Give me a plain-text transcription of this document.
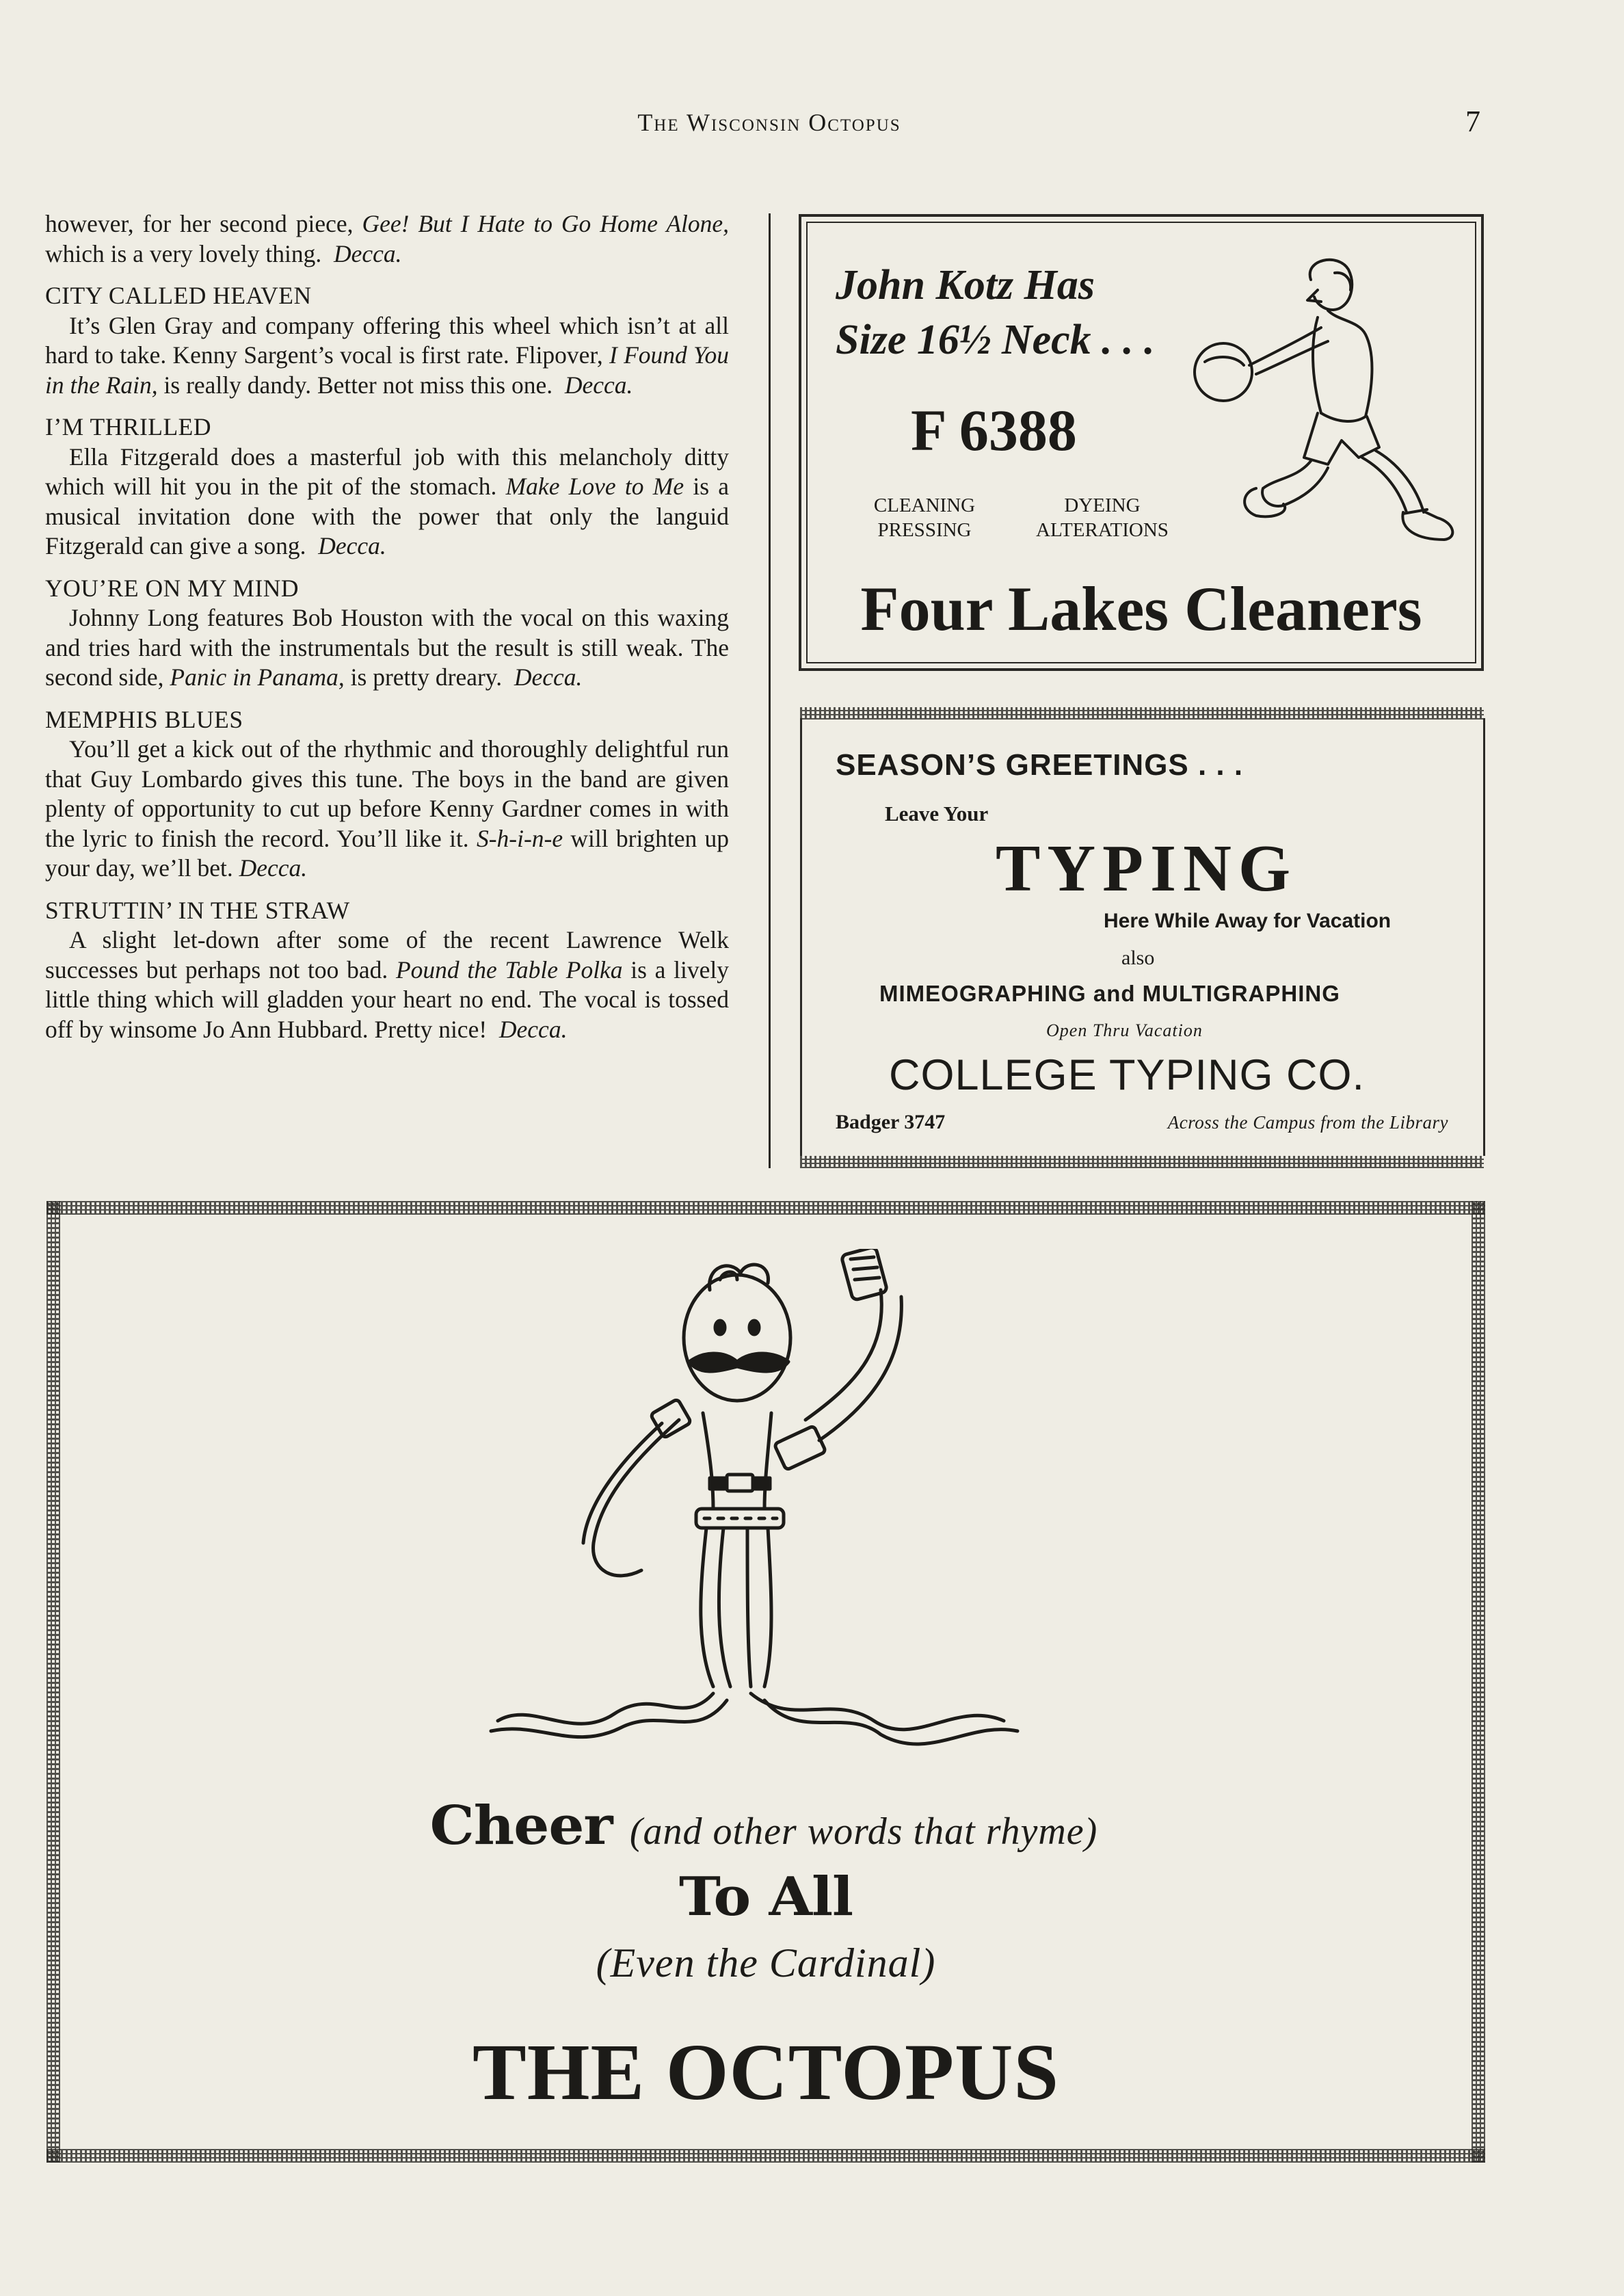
The Wisconsin Octopus	7

however, for her second piece, Gee! But I Hate to Go Home Alone, which is a very lovely thing. Decca.

CITY CALLED HEAVEN

It’s Glen Gray and company offering this wheel which isn’t at all hard to take. Kenny Sargent’s vocal is first rate. Flipover, I Found You in the Rain, is really dandy. Better not miss this one. Decca.

I’M THRILLED

Ella Fitzgerald does a masterful job with this melancholy ditty which will hit you in the pit of the stomach. Make Love to Me is a musical invitation done with the power that only the languid Fitzgerald can give a song. Decca.

YOU’RE ON MY MIND

Johnny Long features Bob Houston with the vocal on this waxing and tries hard with the instrumentals but the result is still weak. The second side, Panic in Panama, is pretty dreary. Decca.

MEMPHIS BLUES

You’ll get a kick out of the rhythmic and thoroughly delightful run that Guy Lombardo gives this tune. The boys in the band are given plenty of opportunity to cut up before Kenny Gardner comes in with the lyric to finish the record. You’ll like it. S-h-i-n-e will brighten up your day, we’ll bet. Decca.

STRUTTIN’ IN THE STRAW

A slight let-down after some of the recent Lawrence Welk successes but perhaps not too bad. Pound the Table Polka is a lively little thing which will gladden your heart no end. The vocal is tossed off by winsome Jo Ann Hubbard. Pretty nice! Decca.

John Kotz Has
Size 16½ Neck . . .
F 6388
CLEANING
PRESSING
DYEING
ALTERATIONS
Four Lakes Cleaners
SEASON’S GREETINGS . . .
Leave Your
TYPING
Here While Away for Vacation
also
MIMEOGRAPHING and MULTIGRAPHING
Open Thru Vacation
COLLEGE TYPING CO.
Badger 3747	Across the Campus from the Library
Cheer (and other words that rhyme)
To All
(Even the Cardinal)
THE OCTOPUS
